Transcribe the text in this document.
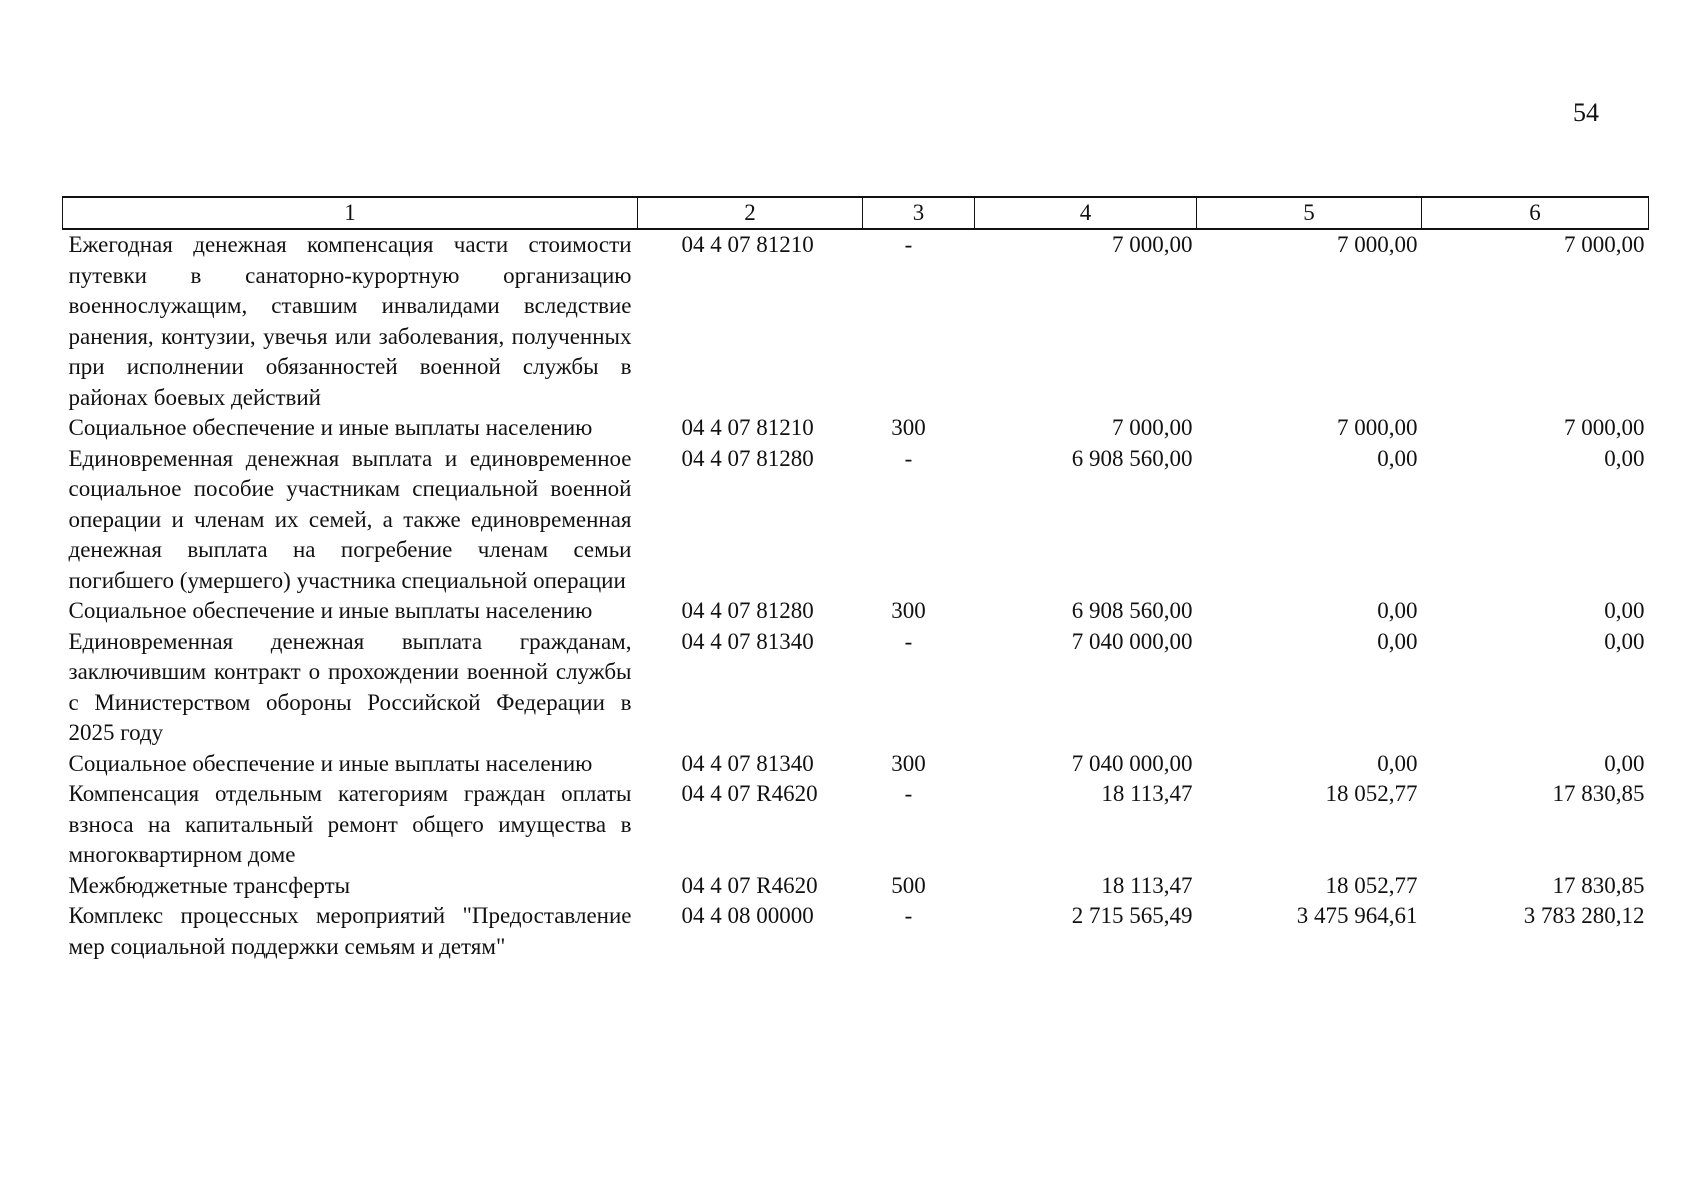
54
1	2	3	4	5	6
Ежегодная денежная компенсация части стоимости путевки в санаторно-курортную организацию военнослужащим, ставшим инвалидами вследствие ранения, контузии, увечья или заболевания, полученных при исполнении обязанностей военной службы в районах боевых действий	04 4 07 81210	-	7 000,00	7 000,00	7 000,00
Социальное обеспечение и иные выплаты населению	04 4 07 81210	300	7 000,00	7 000,00	7 000,00
Единовременная денежная выплата и единовременное социальное пособие участникам специальной военной операции и членам их семей, а также единовременная денежная выплата на погребение членам семьи погибшего (умершего) участника специальной операции	04 4 07 81280	-	6 908 560,00	0,00	0,00
Социальное обеспечение и иные выплаты населению	04 4 07 81280	300	6 908 560,00	0,00	0,00
Единовременная денежная выплата гражданам, заключившим контракт о прохождении военной службы с Министерством обороны Российской Федерации в 2025 году	04 4 07 81340	-	7 040 000,00	0,00	0,00
Социальное обеспечение и иные выплаты населению	04 4 07 81340	300	7 040 000,00	0,00	0,00
Компенсация отдельным категориям граждан оплаты взноса на капитальный ремонт общего имущества в многоквартирном доме	04 4 07 R4620	-	18 113,47	18 052,77	17 830,85
Межбюджетные трансферты	04 4 07 R4620	500	18 113,47	18 052,77	17 830,85
Комплекс процессных мероприятий "Предоставление мер социальной поддержки семьям и детям"	04 4 08 00000	-	2 715 565,49	3 475 964,61	3 783 280,12
